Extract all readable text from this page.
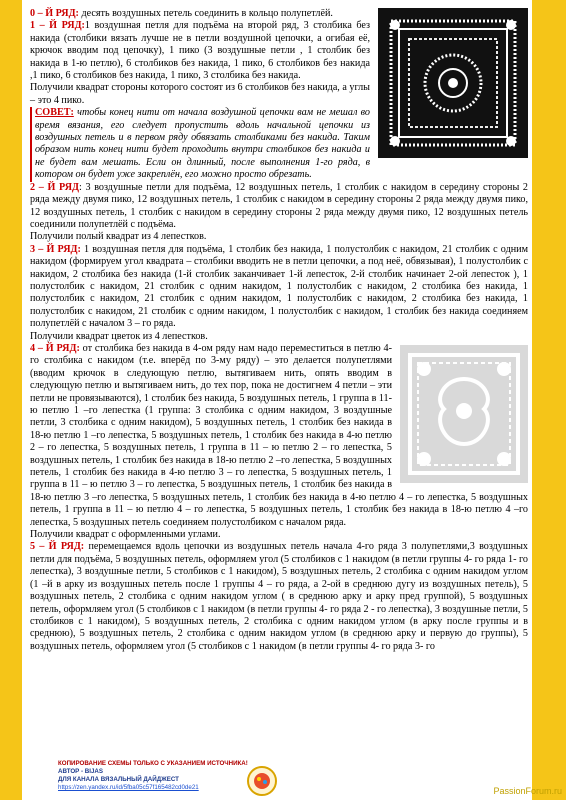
0 – Й РЯД: десять воздушных петель соединить в кольцо полупетлёй.

1 – Й РЯД:1 воздушная петля для подъёма на второй ряд, 3 столбика без накида (столбики вязать лучше не в петли воздушной цепочки, а огибая её, крючок вводим под цепочку), 1 пико (3 воздушные петли , 1 столбик без накида в 1-ю петлю), 6 столбиков без накида, 1 пико, 6 столбиков без накида ,1 пико, 6 столбиков без накида, 1 пико, 3 столбика без накида.

Получили квадрат стороны которого состоят из 6 столбиков без накида, а углы – это 4 пико.

СОВЕТ: чтобы конец нити от начала воздушной цепочки вам не мешал во время вязания, его следует пропустить вдоль начальной цепочки из воздушных петель и в первом ряду обвязать столбиками без накида. Таким образом нить конец нити будет проходить внутри столбиков без накида и не будет вам мешать. Если он длинный, после выполнения 1-го ряда, в котором он будет уже закреплён, его можно просто обрезать.

2 – Й РЯД: 3 воздушные петли для подъёма, 12 воздушных петель, 1 столбик с накидом в середину стороны 2 ряда между двумя пико, 12 воздушных петель, 1 столбик с накидом в середину стороны 2 ряда между двумя пико, 12 воздушных петель, 1 столбик с накидом в середину стороны 2 ряда между двумя пико, 12 воздушных петель соединили полупетлёй с подъёма.

Получили полый квадрат из 4 лепестков.

3 – Й РЯД: 1 воздушная петля для подъёма, 1 столбик без накида, 1 полустолбик с накидом, 21 столбик с одним накидом (формируем угол квадрата – столбики вводить не в петли цепочки, а под неё, обвязывая), 1 полустолбик с накидом, 2 столбика без накида (1-й столбик заканчивает 1-й лепесток, 2-й столбик начинает 2-ой лепесток ), 1 полустолбик с накидом, 21 столбик с одним накидом, 1 полустолбик с накидом, 2 столбика без накида, 1 полустолбик с накидом, 21 столбик с одним накидом, 1 полустолбик с накидом, 2 столбика без накида, 1 полустолбик с накидом, 21 столбик с одним накидом, 1 полустолбик с накидом, 1 столбик без накида соединяем полупетлёй с началом 3 – го ряда.

Получили квадрат цветок из 4 лепестков.

4 – Й РЯД: от столбика без накида в 4-ом ряду нам надо переместиться в петлю 4- го столбика с накидом (т.е. вперёд по 3-му ряду) – это делается полупетлями (вводим крючок в следующую петлю, вытягиваем нить, опять вводим в следующую петлю и вытягиваем нить, до тех пор, пока не достигнем 4 петли – эти петли не провязываются), 1 столбик без накида, 5 воздушных петель, 1 группа в 11-ю петлю 1 –го лепестка (1 группа: 3 столбика с одним накидом, 3 воздушные петли, 3 столбика с одним накидом), 5 воздушных петель, 1 столбик без накида в 18-ю петлю 1 –го лепестка, 5 воздушных петель, 1 столбик без накида в 4-ю петлю 2 – го лепестка, 5 воздушных петель, 1 группа в 11 – ю петлю 2 – го лепестка, 5 воздушных петель, 1 столбик без накида в 18-ю петлю 2 –го лепестка, 5 воздушных петель, 1 столбик без накида в 4-ю петлю 3 – го лепестка, 5 воздушных петель, 1 группа в 11 – ю петлю 3 – го лепестка, 5 воздушных петель, 1 столбик без накида в 18-ю петлю 3 –го лепестка, 5 воздушных петель, 1 столбик без накида в 4-ю петлю 4 – го лепестка, 5 воздушных петель, 1 группа в 11 – ю петлю 4 – го лепестка, 5 воздушных петель, 1 столбик без накида в 18-ю петлю 4 –го лепестка, 5 воздушных петель соединяем полустолбиком с началом ряда.

Получили квадрат с оформленными углами.

5 – Й РЯД: перемещаемся вдоль цепочки из воздушных петель начала 4-го ряда 3 полупетлями,3 воздушных петли для подъёма, 5 воздушных петель, оформляем угол (5 столбиков с 1 накидом (в петли группы 4- го ряда 1- го лепестка), 3 воздушные петли, 5 столбиков с 1 накидом), 5 воздушных петель, 2 столбика с одним накидом углом (1 –й в арку из воздушных петель после 1 группы 4 – го ряда, а 2-ой в среднюю дугу из воздушных петель), 5 воздушных петель, 2 столбика с одним накидом углом ( в среднюю арку и арку пред группой), 5 воздушных петель, оформляем угол (5 столбиков с 1 накидом (в петли группы 4- го ряда 2 - го лепестка), 3 воздушные петли, 5 столбиков с 1 накидом), 5 воздушных петель, 2 столбика с одним накидом углом (в арку после группы и в среднюю), 5 воздушных петель, 2 столбика с одним накидом углом (в среднюю арку и первую до группы), 5 воздушных петель, оформляем угол (5 столбиков с 1 накидом (в петли группы 4- го ряда 3- го

КОПИРОВАНИЕ СХЕМЫ ТОЛЬКО С УКАЗАНИЕМ ИСТОЧНИКА!
АВТОР - BIJAS
ДЛЯ КАНАЛА ВЯЗАЛЬНЫЙ ДАЙДЖЕСТ
https://zen.yandex.ru/id/5fba05c57f165482cd0de21	PassionForum.ru
